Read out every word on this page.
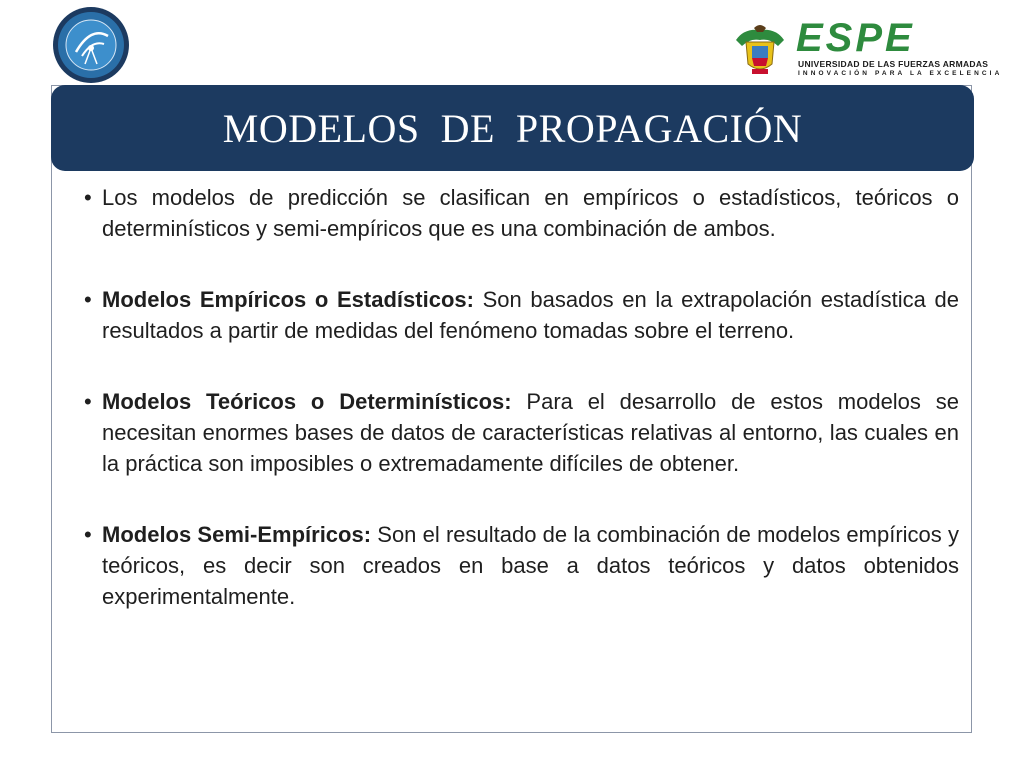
ESPE
UNIVERSIDAD DE LAS FUERZAS ARMADAS
INNOVACIÓN PARA LA EXCELENCIA
MODELOS  DE  PROPAGACIÓN
• Los modelos de predicción se clasifican en empíricos o estadísticos, teóricos o determinísticos y semi-empíricos que es una combinación de ambos.
• Modelos Empíricos o Estadísticos: Son basados en la extrapolación estadística de resultados a partir de medidas del fenómeno tomadas sobre el terreno.
• Modelos Teóricos o Determinísticos: Para el desarrollo de estos modelos se necesitan enormes bases de datos de características relativas al entorno, las cuales en la práctica son imposibles o extremadamente difíciles de obtener.
• Modelos Semi-Empíricos: Son el resultado de la combinación de modelos empíricos y teóricos, es decir son creados en base a datos teóricos y datos obtenidos experimentalmente.
